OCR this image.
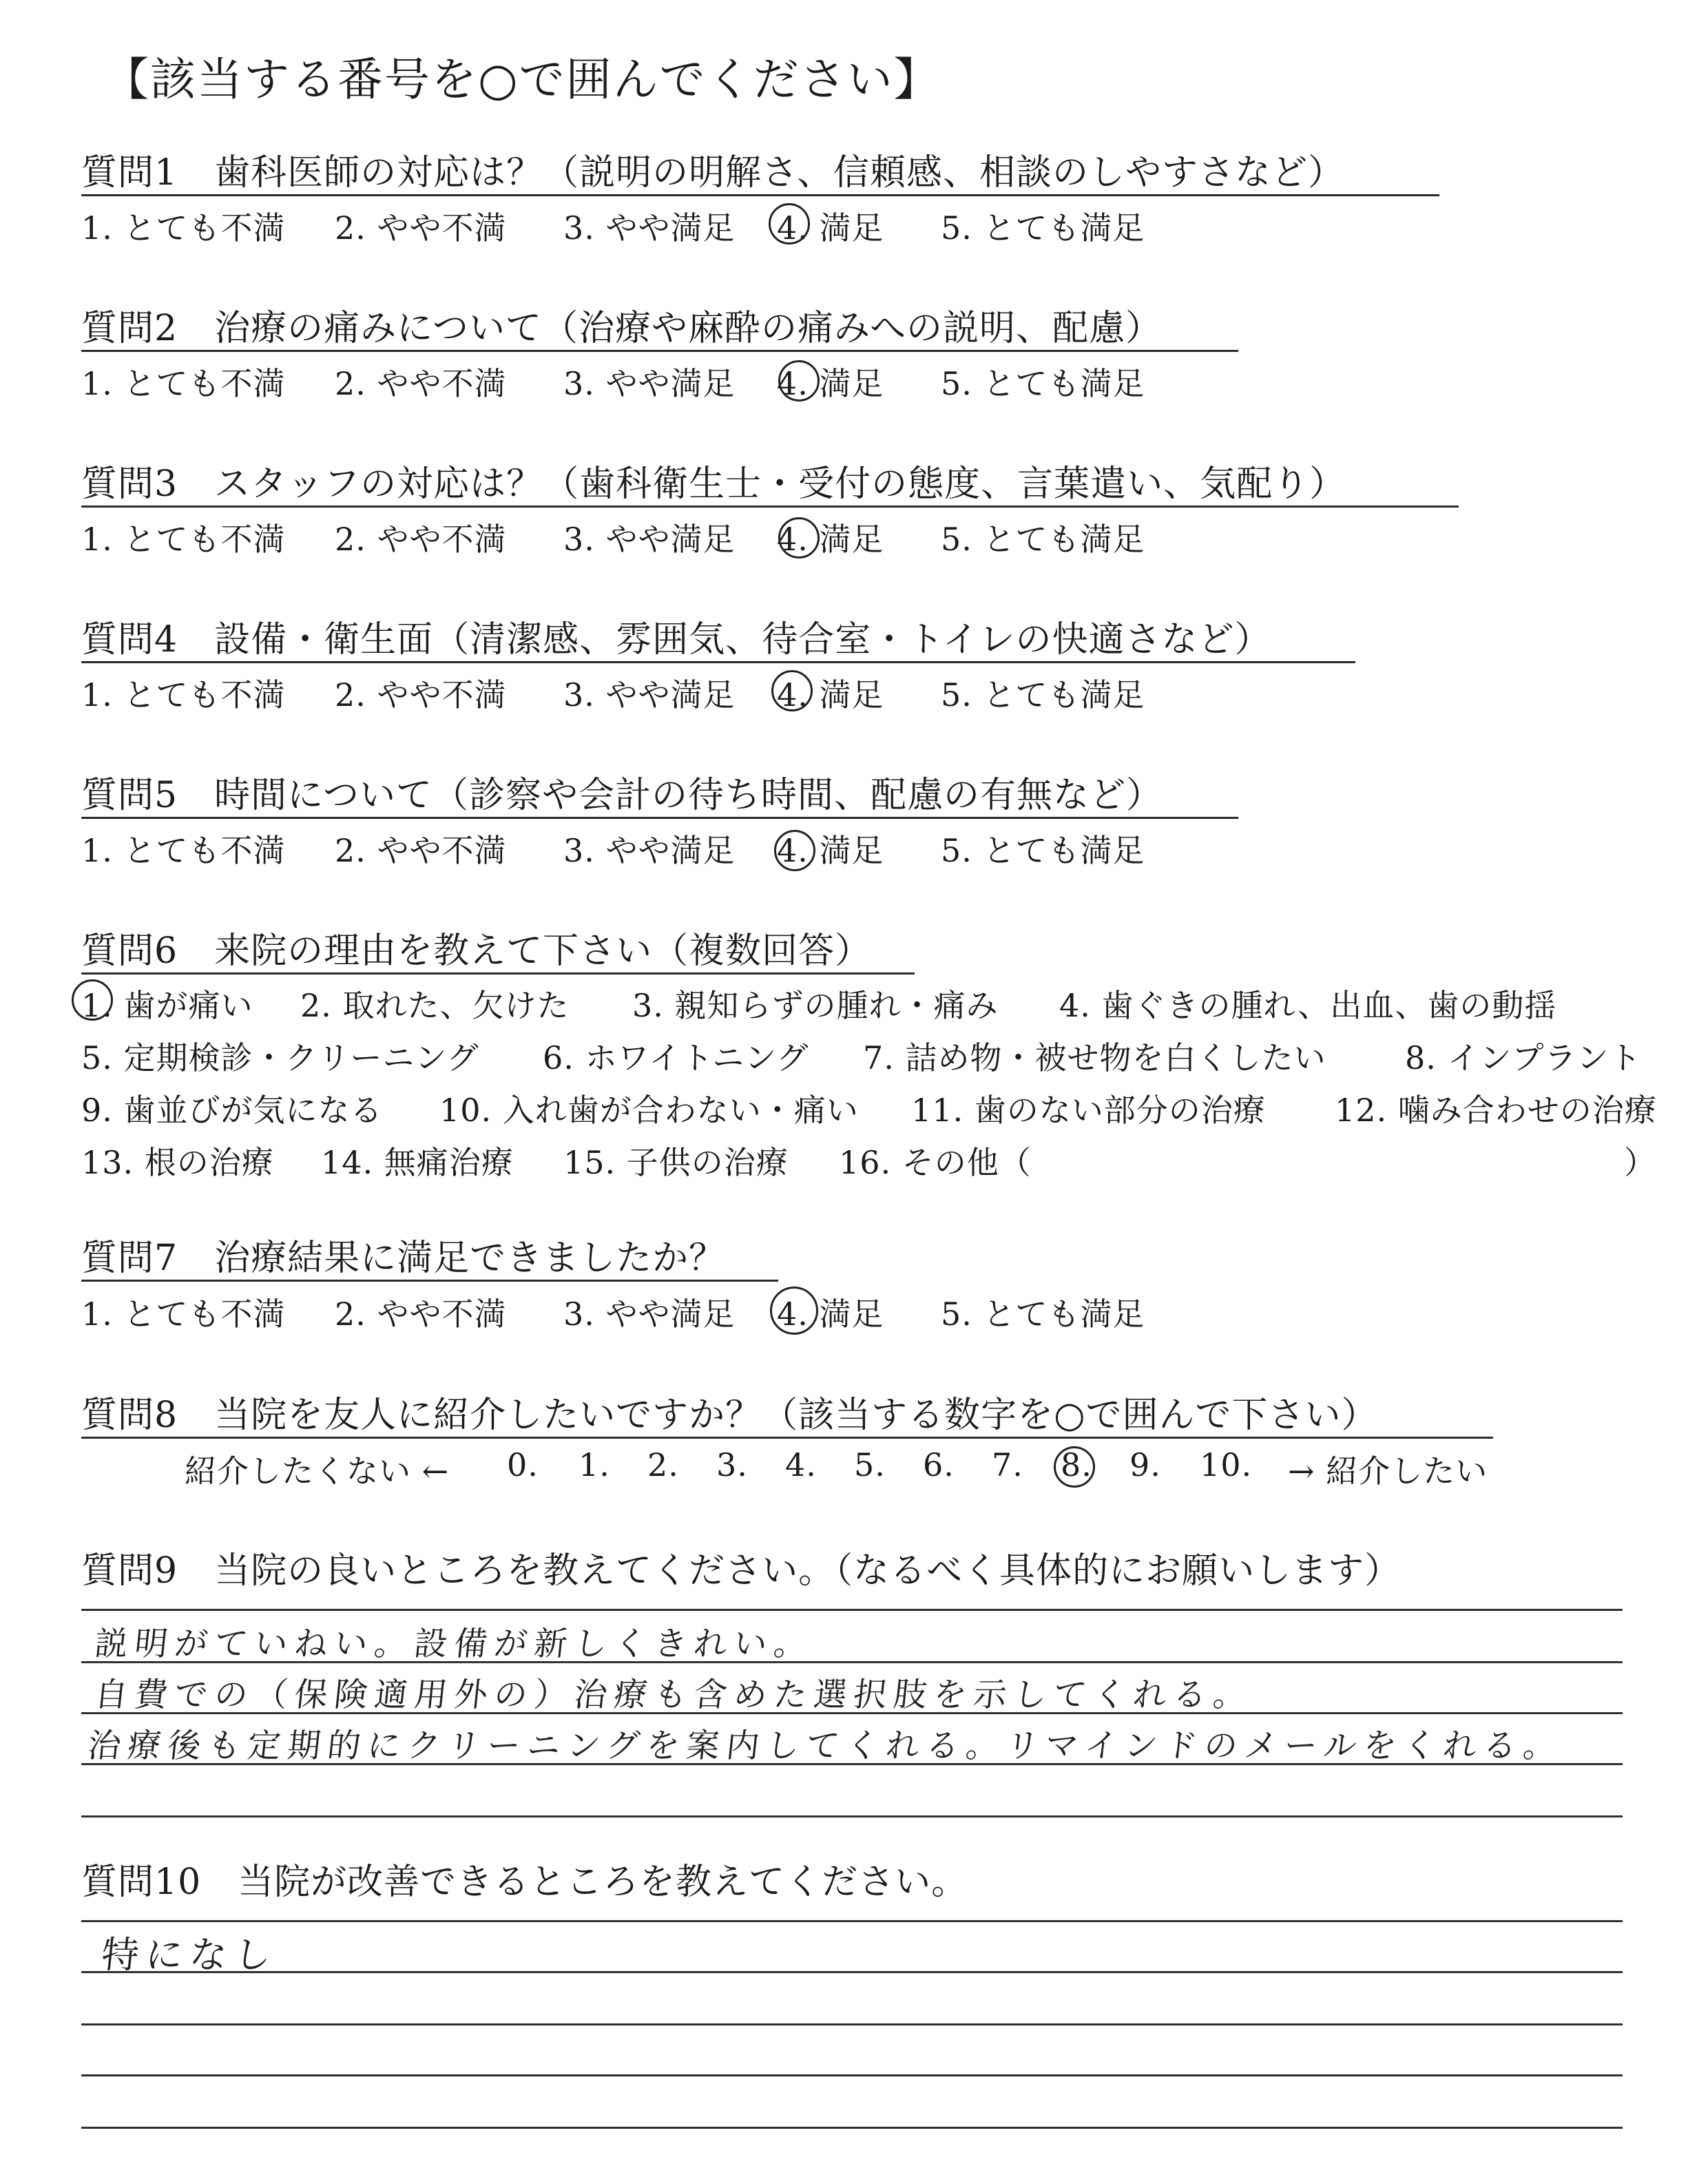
【該当する番号を○で囲んでください】
質問1　歯科医師の対応は？（説明の明解さ、信頼感、相談のしやすさなど）
1. とても不満 2. やや不満 3. やや満足 4. 満足 5. とても満足
質問2　治療の痛みについて（治療や麻酔の痛みへの説明、配慮）
1. とても不満 2. やや不満 3. やや満足 4. 満足 5. とても満足
質問3　スタッフの対応は？（歯科衛生士・受付の態度、言葉遣い、気配り）
1. とても不満 2. やや不満 3. やや満足 4. 満足 5. とても満足
質問4　設備・衛生面（清潔感、雰囲気、待合室・トイレの快適さなど）
1. とても不満 2. やや不満 3. やや満足 4. 満足 5. とても満足
質問5　時間について（診察や会計の待ち時間、配慮の有無など）
1. とても不満 2. やや不満 3. やや満足 4. 満足 5. とても満足
質問6　来院の理由を教えて下さい（複数回答）
1. 歯が痛い 2. 取れた、欠けた 3. 親知らずの腫れ・痛み 4. 歯ぐきの腫れ、出血、歯の動揺
5. 定期検診・クリーニング 6. ホワイトニング 7. 詰め物・被せ物を白くしたい 8. インプラント
9. 歯並びが気になる 10. 入れ歯が合わない・痛い 11. 歯のない部分の治療 12. 噛み合わせの治療
13. 根の治療 14. 無痛治療 15. 子供の治療 16. その他（	）
質問7　治療結果に満足できましたか？
1. とても不満 2. やや不満 3. やや満足 4. 満足 5. とても満足
質問8　当院を友人に紹介したいですか？（該当する数字を○で囲んで下さい）
紹介したくない ← 0. 1. 2. 3. 4. 5. 6. 7. 8. 9. 10. → 紹介したい
質問9　当院の良いところを教えてください。（なるべく具体的にお願いします）
説明がていねい。設備が新しくきれい。
自費での（保険適用外の）治療も含めた選択肢を示してくれる。
治療後も定期的にクリーニングを案内してくれる。リマインドのメールをくれる。
質問10　当院が改善できるところを教えてください。
特になし
